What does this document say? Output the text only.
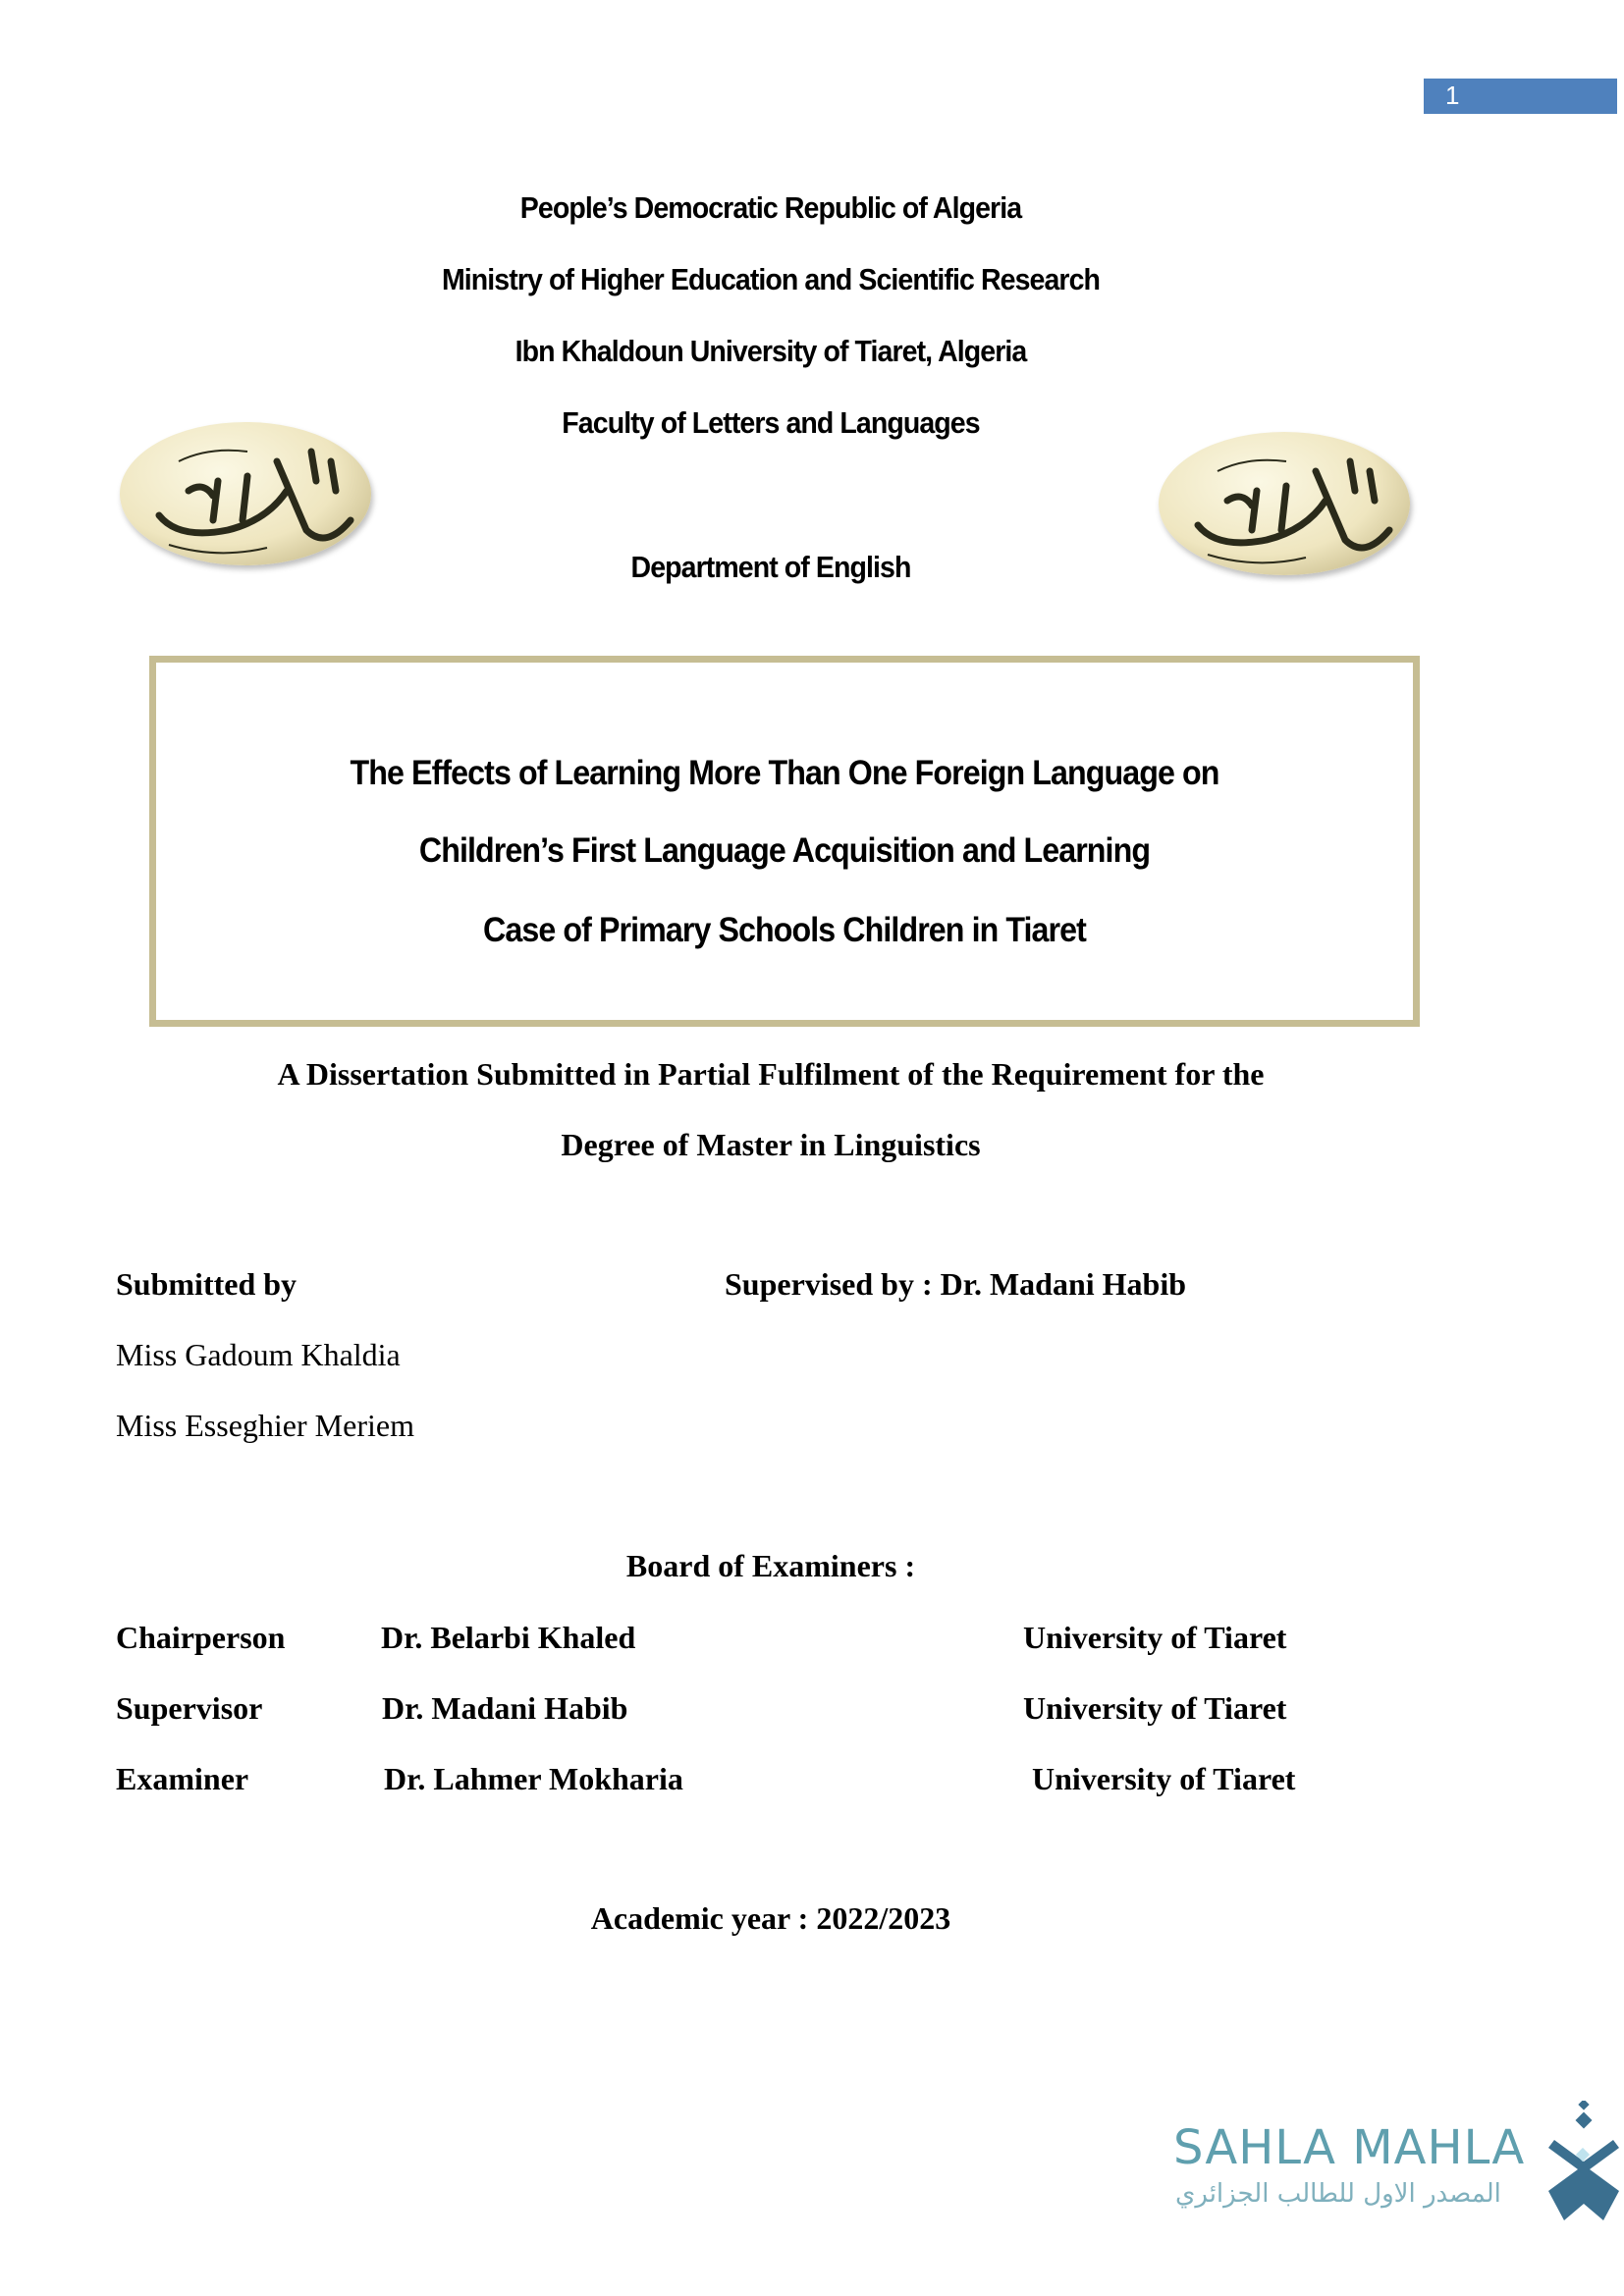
1
People’s Democratic Republic of Algeria
Ministry of Higher Education and Scientific Research
Ibn Khaldoun University of Tiaret, Algeria
Faculty of Letters and Languages
Department of English
The Effects of Learning More Than One Foreign Language on
Children’s First Language Acquisition and Learning
Case of Primary Schools Children in Tiaret
A Dissertation Submitted in Partial Fulfilment of the Requirement for the
Degree of Master in Linguistics
Submitted by	Supervised by : Dr. Madani Habib
Miss Gadoum Khaldia
Miss Esseghier Meriem
Board of Examiners :
Chairperson	Dr. Belarbi Khaled	University of Tiaret
Supervisor	Dr. Madani Habib	University of Tiaret
Examiner	Dr. Lahmer Mokharia	University of Tiaret
Academic year : 2022/2023
SAHLA MAHLA
المصدر الاول للطالب الجزائري
